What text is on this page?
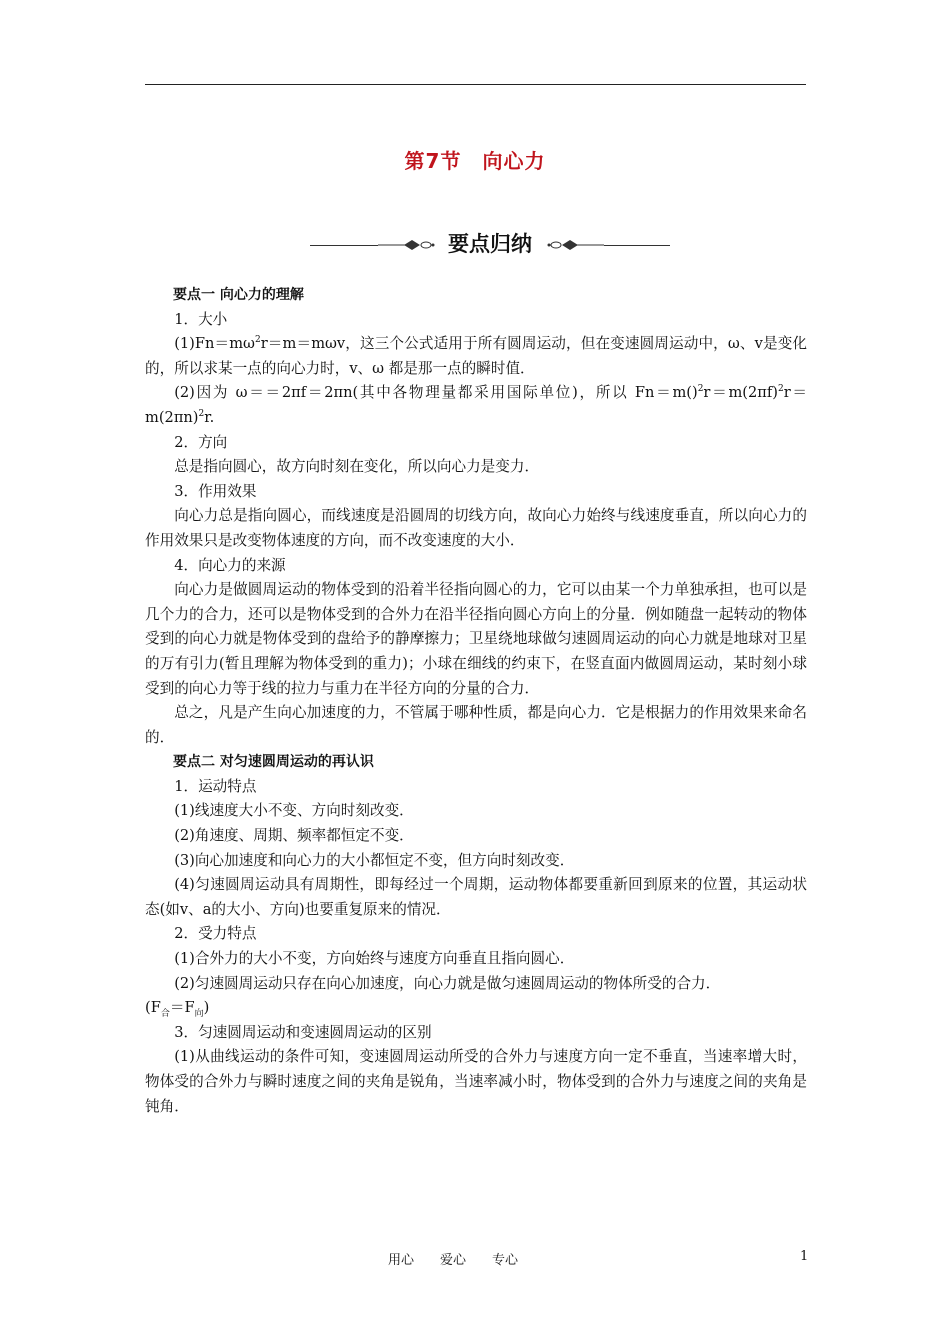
第7节　向心力
要点归纳

要点一 向心力的理解

1．大小

$(1)Fn=m\omega^2r=m=m\omega v$，这三个公式适用于所有圆周运动，但在变速圆周运动中，ω、v是变化的，所以求某一点的向心力时，v、ω 都是那一点的瞬时值．

(2)因为 ω＝＝2πf＝2πn(其中各物理量都采用国际单位)，所以 $Fn=m()^2r=m(2\pi f)^2r=m(2\pi n)^2r$.

2．方向

总是指向圆心，故方向时刻在变化，所以向心力是变力．

3．作用效果

向心力总是指向圆心，而线速度是沿圆周的切线方向，故向心力始终与线速度垂直，所以向心力的作用效果只是改变物体速度的方向，而不改变速度的大小．

4．向心力的来源

向心力是做圆周运动的物体受到的沿着半径指向圆心的力，它可以由某一个力单独承担，也可以是几个力的合力，还可以是物体受到的合外力在沿半径指向圆心方向上的分量．例如随盘一起转动的物体受到的向心力就是物体受到的盘给予的静摩擦力；卫星绕地球做匀速圆周运动的向心力就是地球对卫星的万有引力(暂且理解为物体受到的重力)；小球在细线的约束下，在竖直面内做圆周运动，某时刻小球受到的向心力等于线的拉力与重力在半径方向的分量的合力．

总之，凡是产生向心加速度的力，不管属于哪种性质，都是向心力．它是根据力的作用效果来命名的．

要点二 对匀速圆周运动的再认识

1．运动特点

(1)线速度大小不变、方向时刻改变．

(2)角速度、周期、频率都恒定不变．

(3)向心加速度和向心力的大小都恒定不变，但方向时刻改变．

(4)匀速圆周运动具有周期性，即每经过一个周期，运动物体都要重新回到原来的位置，其运动状态(如v、a的大小、方向)也要重复原来的情况．

2．受力特点

(1)合外力的大小不变，方向始终与速度方向垂直且指向圆心．

(2)匀速圆周运动只存在向心加速度，向心力就是做匀速圆周运动的物体所受的合力．

$(F_合=F_向)$

3．匀速圆周运动和变速圆周运动的区别

(1)从曲线运动的条件可知，变速圆周运动所受的合外力与速度方向一定不垂直，当速率增大时，物体受的合外力与瞬时速度之间的夹角是锐角，当速率减小时，物体受到的合外力与速度之间的夹角是钝角．

用心　　爱心　　专心	1
